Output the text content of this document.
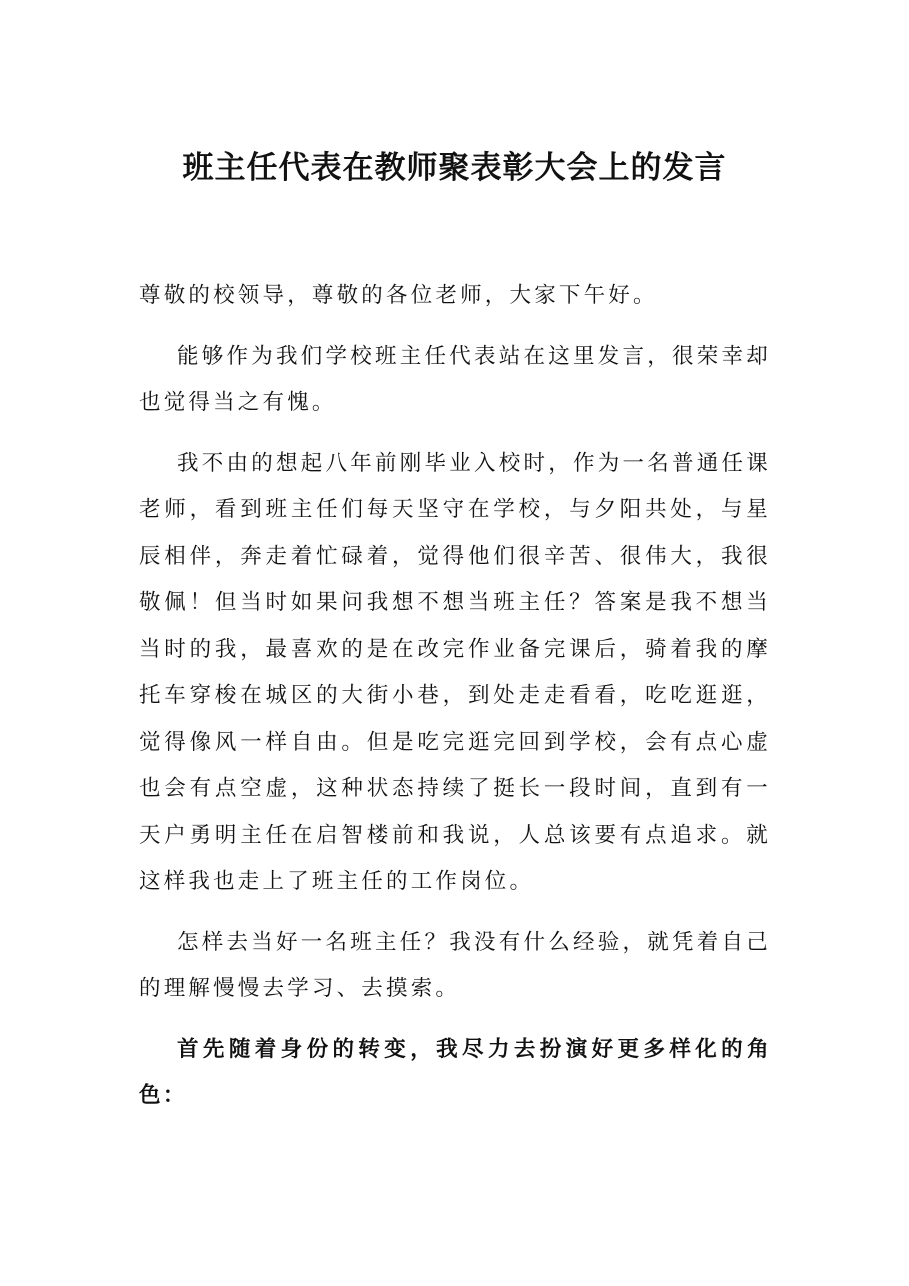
班主任代表在教师聚表彰大会上的发言

尊敬的校领导，尊敬的各位老师，大家下午好。

能够作为我们学校班主任代表站在这里发言，很荣幸却也觉得当之有愧。

我不由的想起八年前刚毕业入校时，作为一名普通任课老师，看到班主任们每天坚守在学校，与夕阳共处，与星辰相伴，奔走着忙碌着，觉得他们很辛苦、很伟大，我很敬佩！但当时如果问我想不想当班主任？答案是我不想当当时的我，最喜欢的是在改完作业备完课后，骑着我的摩托车穿梭在城区的大街小巷，到处走走看看，吃吃逛逛，觉得像风一样自由。但是吃完逛完回到学校，会有点心虚也会有点空虚，这种状态持续了挺长一段时间，直到有一天户勇明主任在启智楼前和我说，人总该要有点追求。就这样我也走上了班主任的工作岗位。

怎样去当好一名班主任？我没有什么经验，就凭着自己的理解慢慢去学习、去摸索。

首先随着身份的转变，我尽力去扮演好更多样化的角色：
